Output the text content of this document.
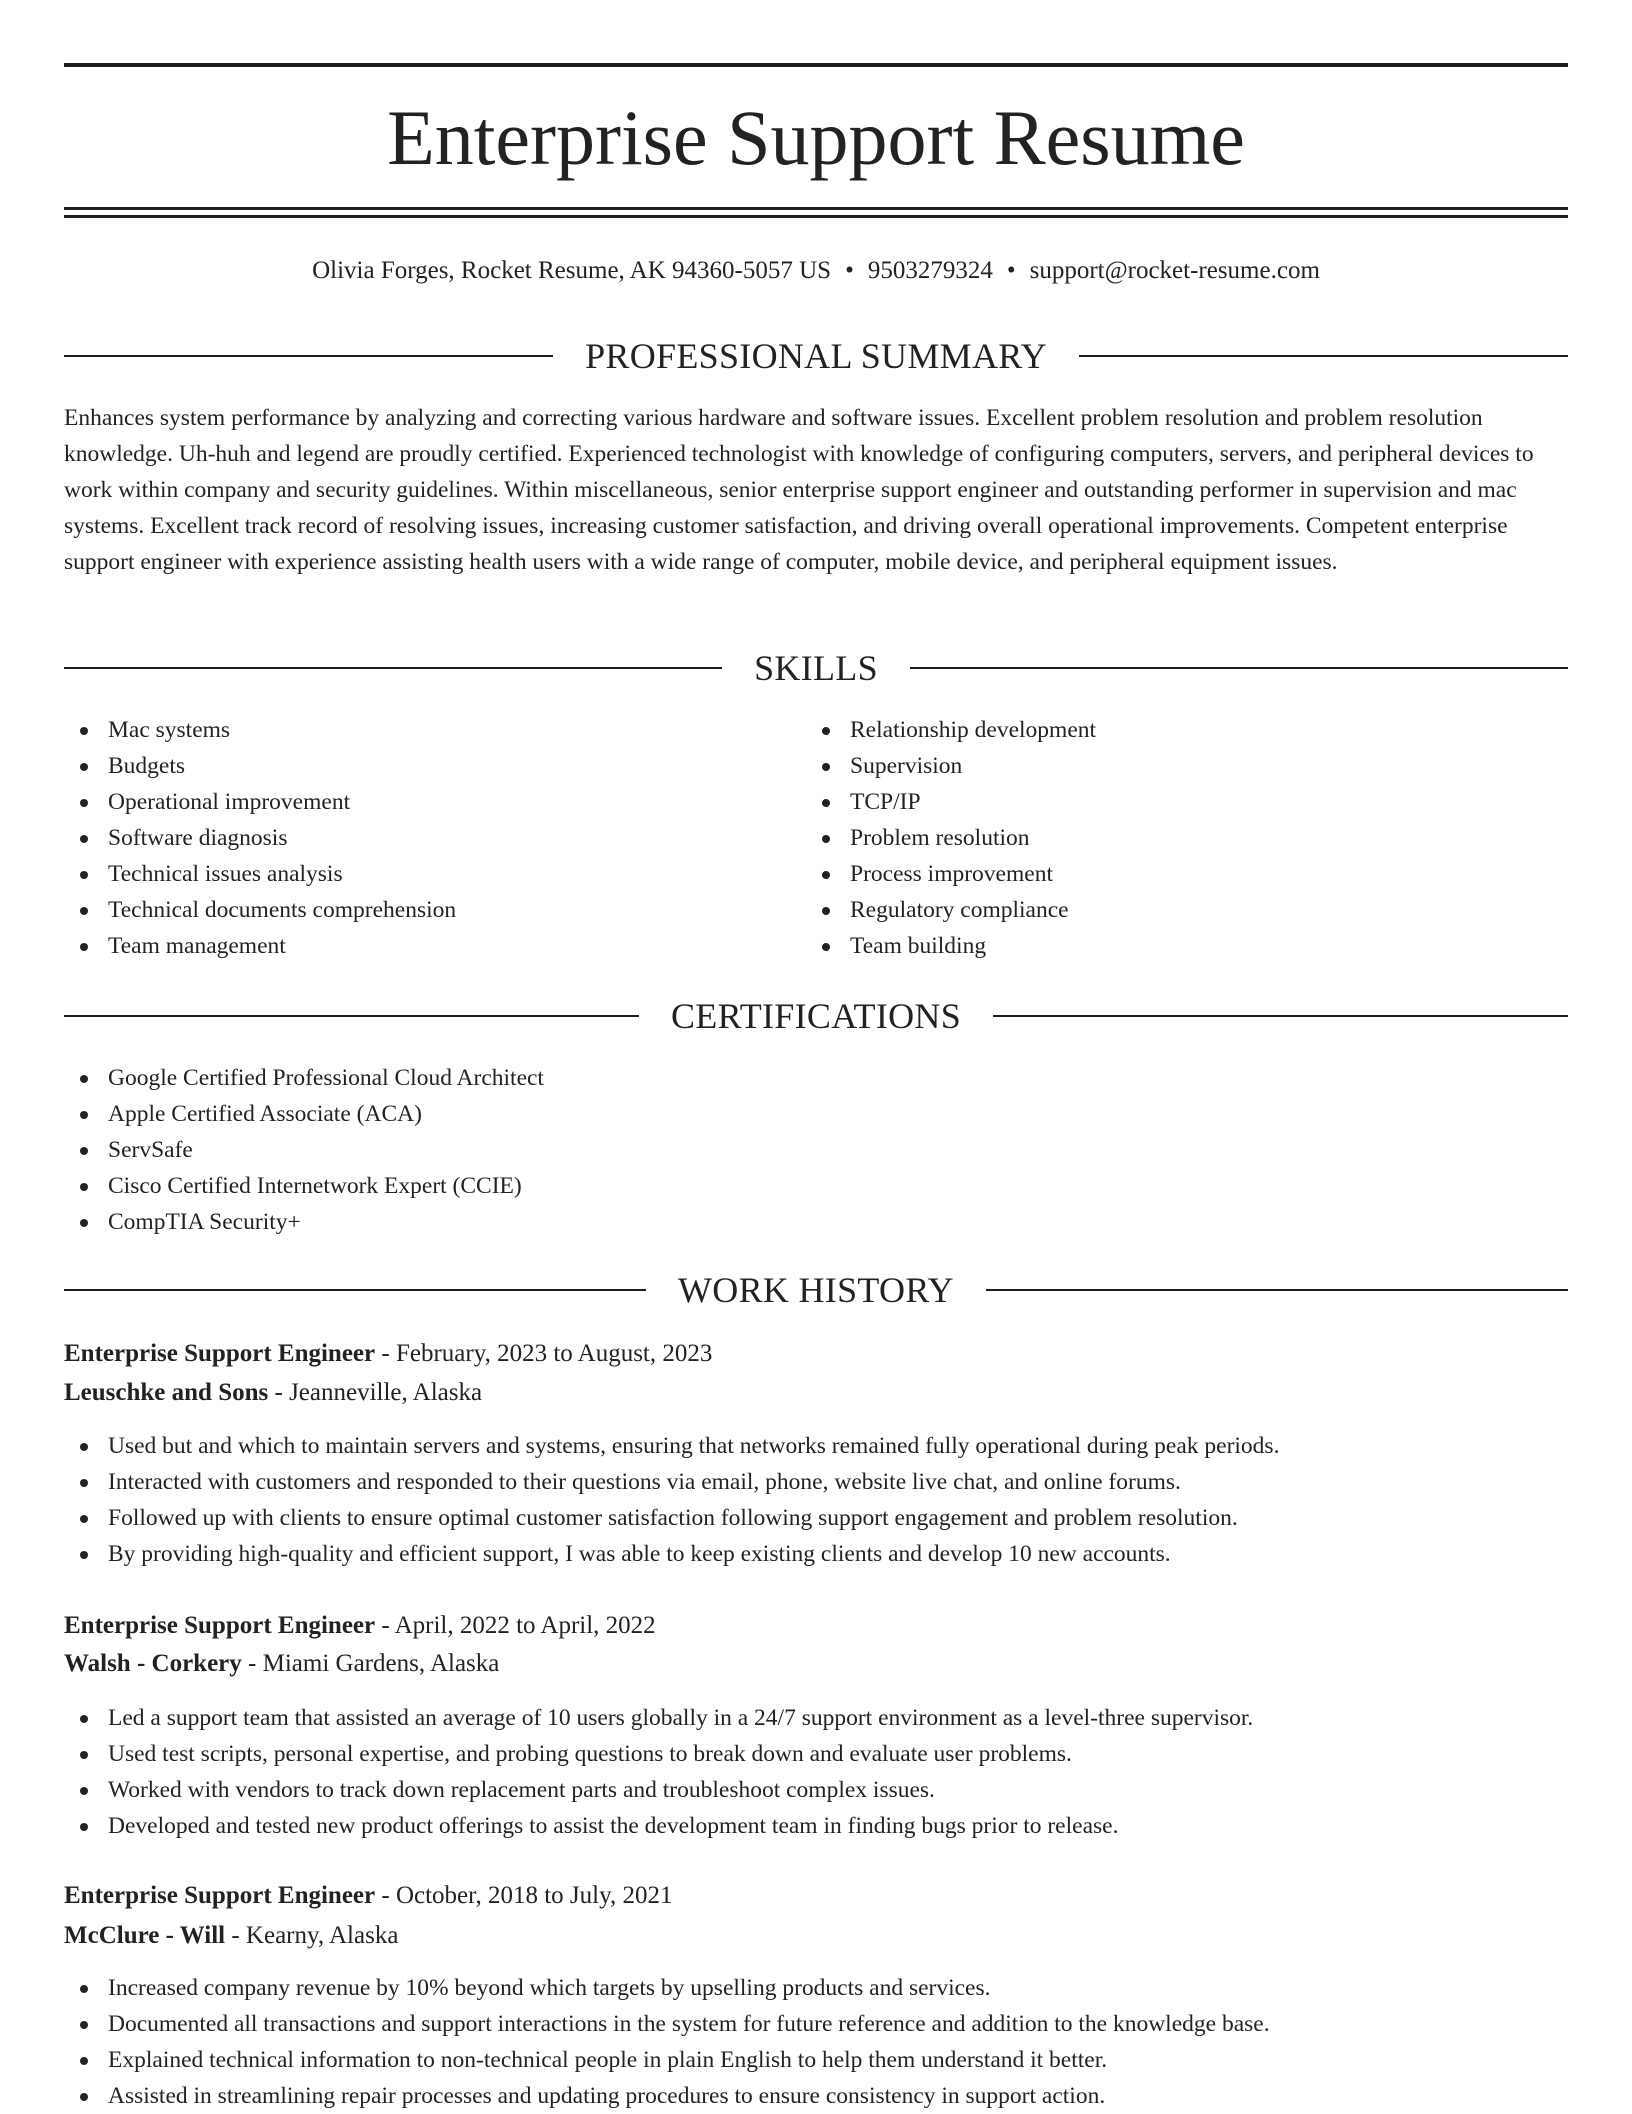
Enterprise Support Resume
Olivia Forges, Rocket Resume, AK 94360-5057 US • 9503279324 • support@rocket-resume.com
PROFESSIONAL SUMMARY

Enhances system performance by analyzing and correcting various hardware and software issues. Excellent problem resolution and problem resolution knowledge. Uh-huh and legend are proudly certified. Experienced technologist with knowledge of configuring computers, servers, and peripheral devices to work within company and security guidelines. Within miscellaneous, senior enterprise support engineer and outstanding performer in supervision and mac systems. Excellent track record of resolving issues, increasing customer satisfaction, and driving overall operational improvements. Competent enterprise support engineer with experience assisting health users with a wide range of computer, mobile device, and peripheral equipment issues.

SKILLS
Mac systems
Budgets
Operational improvement
Software diagnosis
Technical issues analysis
Technical documents comprehension
Team management
Relationship development
Supervision
TCP/IP
Problem resolution
Process improvement
Regulatory compliance
Team building
CERTIFICATIONS
Google Certified Professional Cloud Architect
Apple Certified Associate (ACA)
ServSafe
Cisco Certified Internetwork Expert (CCIE)
CompTIA Security+
WORK HISTORY
Enterprise Support Engineer - February, 2023 to August, 2023
Leuschke and Sons - Jeanneville, Alaska
Used but and which to maintain servers and systems, ensuring that networks remained fully operational during peak periods.
Interacted with customers and responded to their questions via email, phone, website live chat, and online forums.
Followed up with clients to ensure optimal customer satisfaction following support engagement and problem resolution.
By providing high-quality and efficient support, I was able to keep existing clients and develop 10 new accounts.
Enterprise Support Engineer - April, 2022 to April, 2022
Walsh - Corkery - Miami Gardens, Alaska
Led a support team that assisted an average of 10 users globally in a 24/7 support environment as a level-three supervisor.
Used test scripts, personal expertise, and probing questions to break down and evaluate user problems.
Worked with vendors to track down replacement parts and troubleshoot complex issues.
Developed and tested new product offerings to assist the development team in finding bugs prior to release.
Enterprise Support Engineer - October, 2018 to July, 2021
McClure - Will - Kearny, Alaska
Increased company revenue by 10% beyond which targets by upselling products and services.
Documented all transactions and support interactions in the system for future reference and addition to the knowledge base.
Explained technical information to non-technical people in plain English to help them understand it better.
Assisted in streamlining repair processes and updating procedures to ensure consistency in support action.
